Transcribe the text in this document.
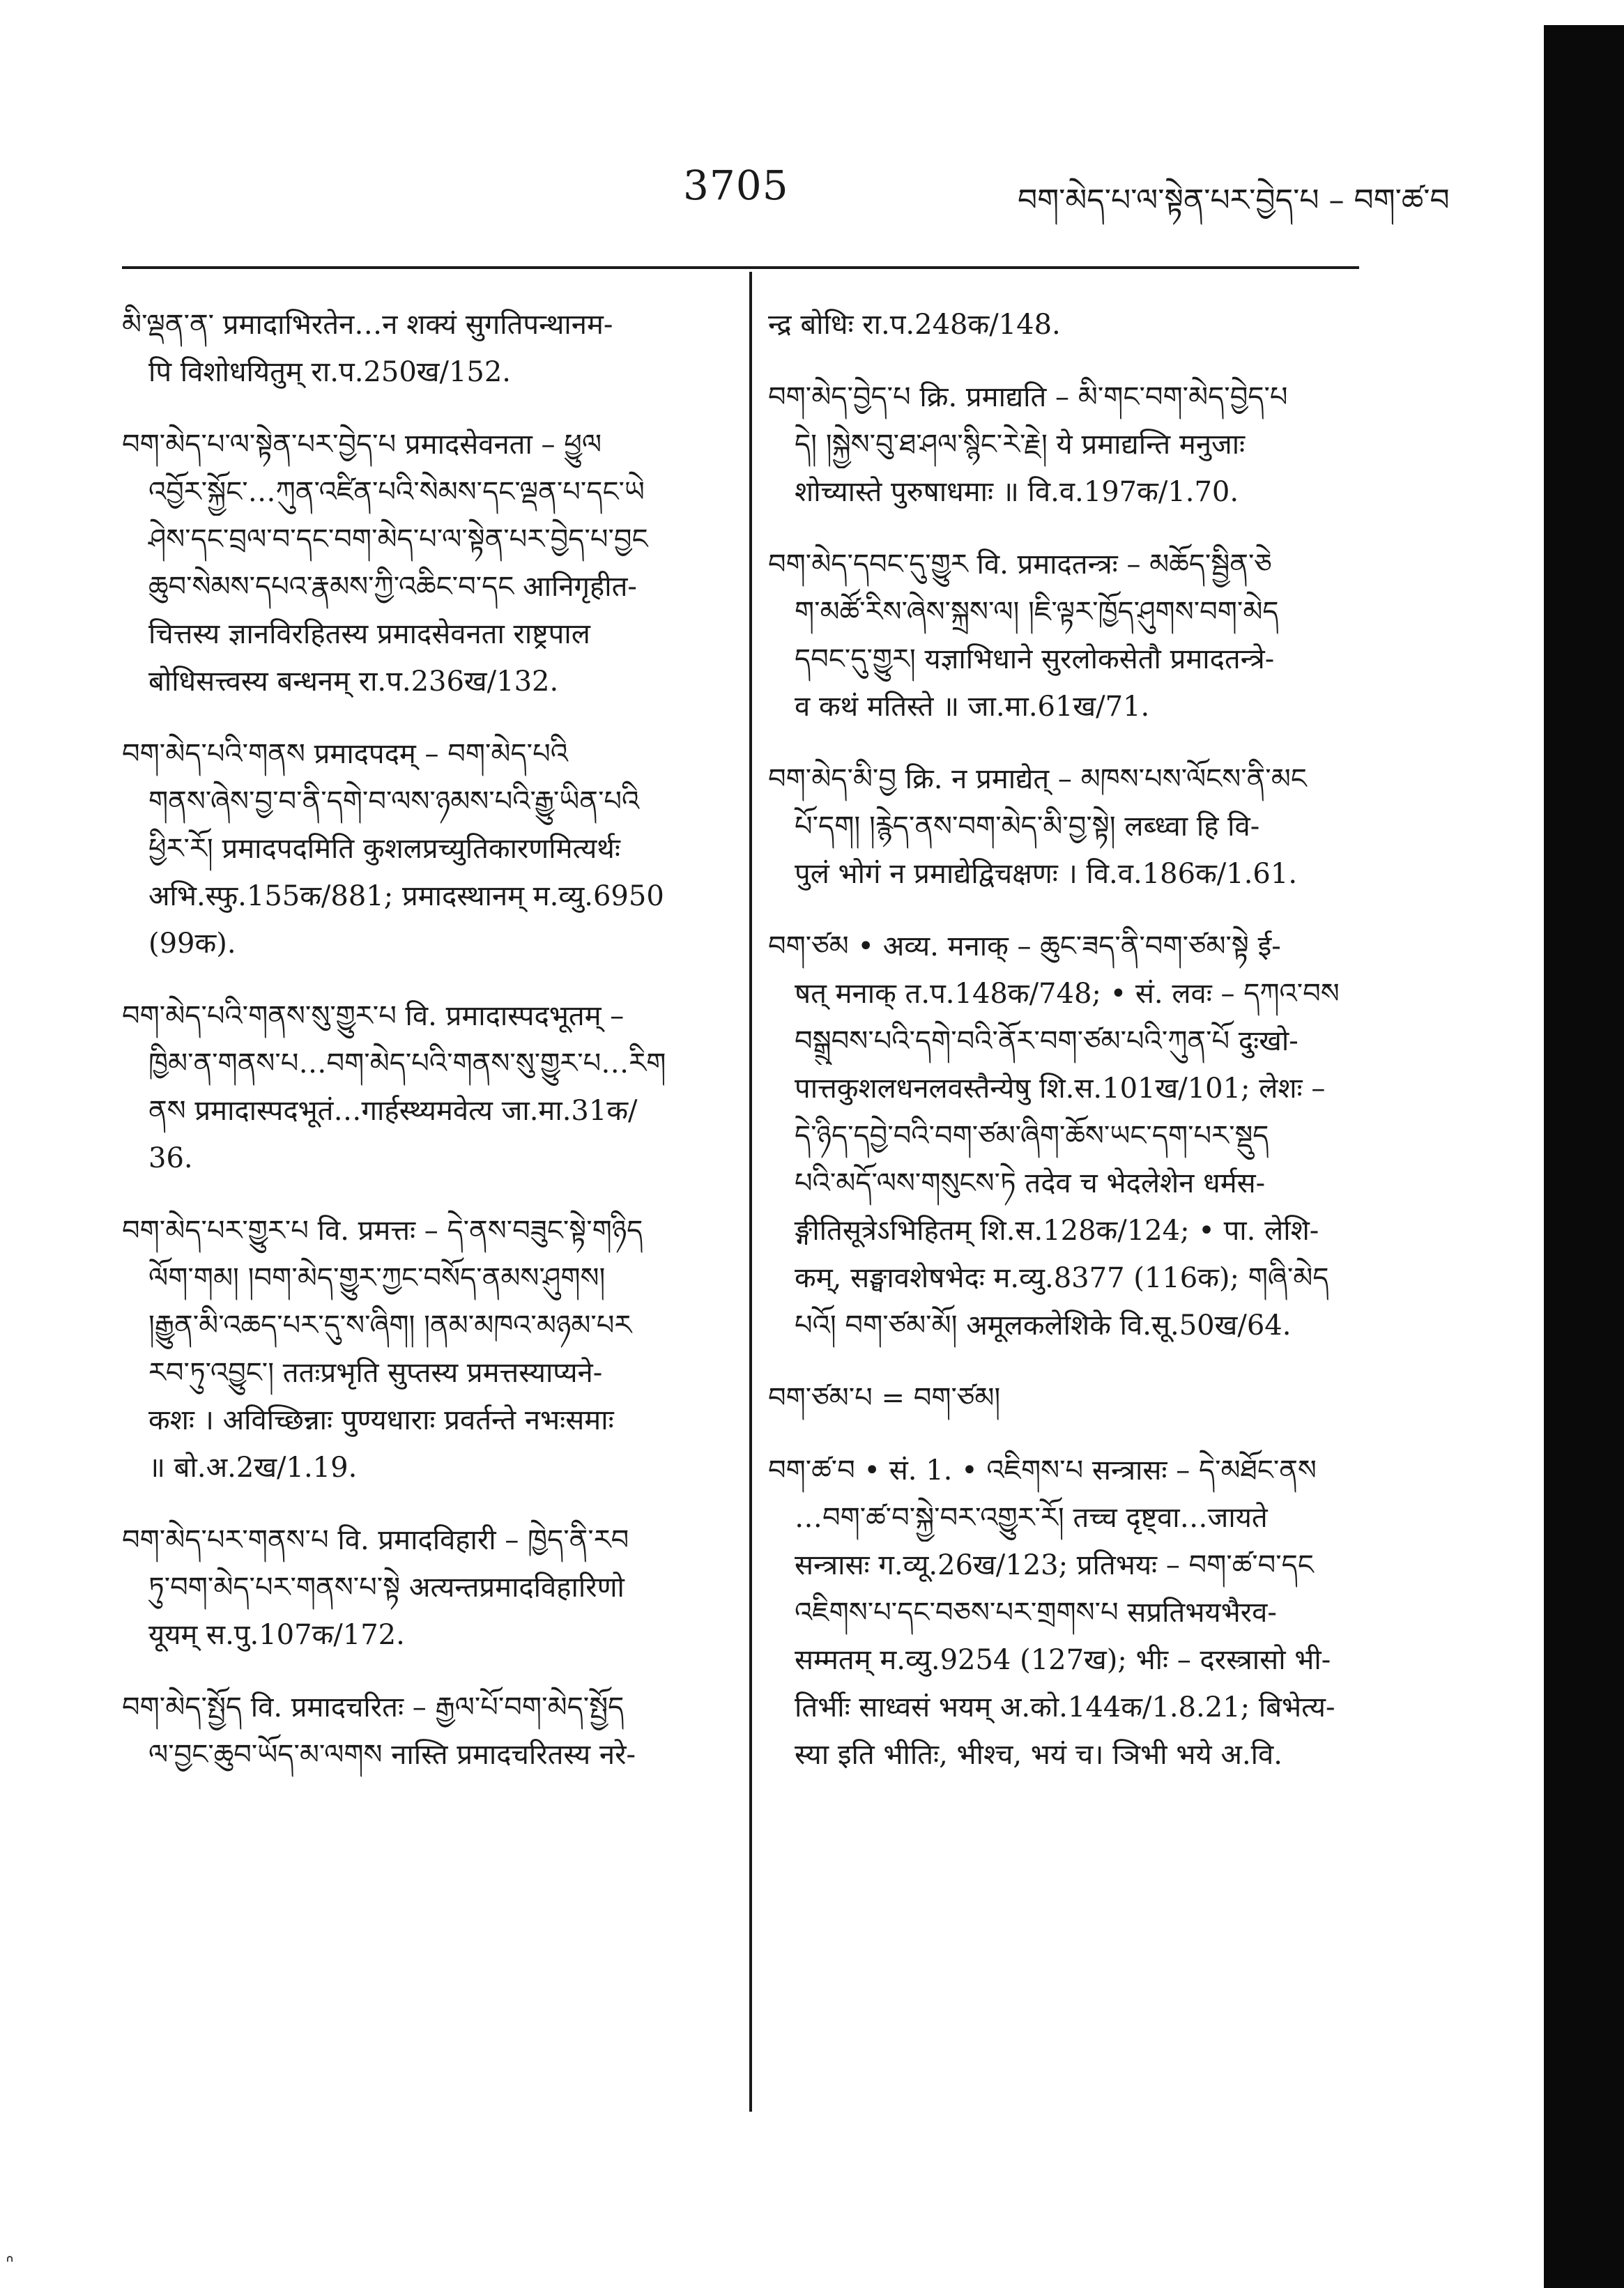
3705	བག་མེད་པ་ལ་སྟེན་པར་བྱེད་པ – བག་ཚ་བ
མི་ལྡན་ན་ प्रमादाभिरतेन…न शक्यं सुगतिपन्थानम-
पि विशोधयितुम् रा.प.250ख/152.
བག་མེད་པ་ལ་སྟེན་པར་བྱེད་པ प्रमादसेवनता – ཕྱུལ
འབྱོར་སྐྱོང་…ཀུན་འཛིན་པའི་སེམས་དང་ལྡན་པ་དང་ཡེ
ཤེས་དང་བྲལ་བ་དང་བག་མེད་པ་ལ་སྟེན་པར་བྱེད་པ་བྱང
ཆུབ་སེམས་དཔའ་རྣམས་ཀྱི་འཆིང་བ་དང आनिगृहीत-
चित्तस्य ज्ञानविरहितस्य प्रमादसेवनता राष्ट्रपाल
बोधिसत्त्वस्य बन्धनम् रा.प.236ख/132.
བག་མེད་པའི་གནས प्रमादपदम् – བག་མེད་པའི
གནས་ཞེས་བྱ་བ་ནི་དགེ་བ་ལས་ཉམས་པའི་རྒྱུ་ཡིན་པའི
ཕྱིར་རོ། प्रमादपदमिति कुशलप्रच्युतिकारणमित्यर्थः
अभि.स्फु.155क/881; प्रमादस्थानम् म.व्यु.6950
(99क).
བག་མེད་པའི་གནས་སུ་གྱུར་པ वि. प्रमादास्पदभूतम् –
ཁྱིམ་ན་གནས་པ…བག་མེད་པའི་གནས་སུ་གྱུར་པ…རིག
ནས प्रमादास्पदभूतं…गार्हस्थ्यमवेत्य जा.मा.31क/
36.
བག་མེད་པར་གྱུར་པ वि. प्रमत्तः – དེ་ནས་བཟུང་སྟེ་གཉིད
ལོག་གམ། །བག་མེད་གྱུར་ཀྱང་བསོད་ནམས་ཤུགས།
།རྒྱུན་མི་འཆད་པར་དུ་ས་ཞིག། །ནམ་མཁའ་མཉམ་པར
རབ་ཏུ་འབྱུང་། ततःप्रभृति सुप्तस्य प्रमत्तस्याप्यने-
कशः । अविच्छिन्नाः पुण्यधाराः प्रवर्तन्ते नभःसमाः
॥ बो.अ.2ख/1.19.
བག་མེད་པར་གནས་པ वि. प्रमादविहारी – ཁྱེད་ནི་རབ
ཏུ་བག་མེད་པར་གནས་པ་སྟེ अत्यन्तप्रमादविहारिणो
यूयम् स.पु.107क/172.
བག་མེད་སྤྱོད वि. प्रमादचरितः – རྒྱལ་པོ་བག་མེད་སྤྱོད
ལ་བྱང་ཆུབ་ཡོད་མ་ལགས नास्ति प्रमादचरितस्य नरे-
न्द्र बोधिः रा.प.248क/148.
བག་མེད་བྱེད་པ क्रि. प्रमाद्यति – མི་གང་བག་མེད་བྱེད་པ
དེ། །སྐྱེས་བུ་ཐ་ཤལ་སྙིང་རེ་རྗེ། ये प्रमाद्यन्ति मनुजाः
शोच्यास्ते पुरुषाधमाः ॥ वि.व.197क/1.70.
བག་མེད་དབང་དུ་གྱུར वि. प्रमादतन्त्रः – མཆོད་སྦྱིན་ཅེ
ག་མཚོ་རིས་ཞེས་སྐྲས་ལ། །ཇི་ལྟར་ཁྱོད་ཤུགས་བག་མེད
དབང་དུ་གྱུར། यज्ञाभिधाने सुरलोकसेतौ प्रमादतन्त्रे-
व कथं मतिस्ते ॥ जा.मा.61ख/71.
བག་མེད་མི་བྱ क्रि. न प्रमाद्येत् – མཁས་པས་ལོངས་ནི་མང
པོ་དག། །རྙེད་ནས་བག་མེད་མི་བྱ་སྟེ། लब्ध्वा हि वि-
पुलं भोगं न प्रमाद्येद्विचक्षणः । वि.व.186क/1.61.
བག་ཙམ • अव्य. मनाक् – ཆུང་ཟད་ནི་བག་ཙམ་སྟེ ई-
षत् मनाक् त.प.148क/748; • सं. लवः – དཀའ་བས
བསྒྲུབས་པའི་དགེ་བའི་ནོར་བག་ཙམ་པའི་ཀུན་པོ दुःखो-
पात्तकुशलधनलवस्तैन्येषु शि.स.101ख/101; लेशः –
དེ་ཉིད་དབྱེ་བའི་བག་ཙམ་ཞིག་ཆོས་ཡང་དག་པར་སྡུད
པའི་མདོ་ལས་གསུངས་ཏེ तदेव च भेदलेशेन धर्मस-
ङ्गीतिसूत्रेऽभिहितम् शि.स.128क/124; • पा. लेशि-
कम्, सङ्घावशेषभेदः म.व्यु.8377 (116क); གཞི་མེད
པའོ། བག་ཙམ་མོ། अमूलकलेशिके वि.सू.50ख/64.
བག་ཙམ་པ = བག་ཙམ།
བག་ཚ་བ • सं. 1. • འཇིགས་པ सन्त्रासः – དེ་མཐོང་ནས
…བག་ཚ་བ་སྐྱེ་བར་འགྱུར་རོ། तच्च दृष्ट्वा…जायते
सन्त्रासः ग.व्यू.26ख/123; प्रतिभयः – བག་ཚ་བ་དང
འཇིགས་པ་དང་བཅས་པར་གྲགས་པ सप्रतिभयभैरव-
सम्मतम् म.व्यु.9254 (127ख); भीः – दरस्त्रासो भी-
तिर्भीः साध्वसं भयम् अ.को.144क/1.8.21; बिभेत्य-
स्या इति भीतिः, भीश्च, भयं च। ञिभी भये अ.वि.
ᐢ
